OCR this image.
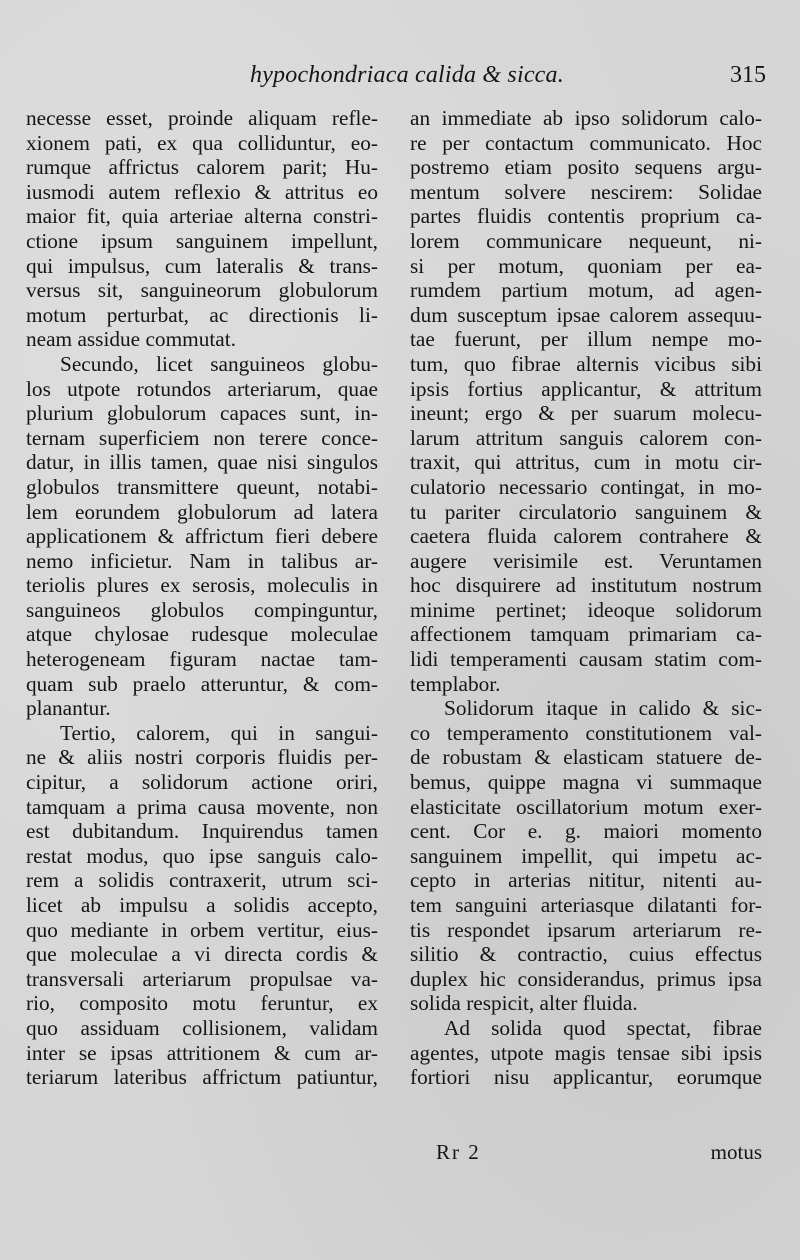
hypochondriaca calida & sicca.	315
necesse esset, proinde aliquam refle-
xionem pati, ex qua colliduntur, eo-
rumque affrictus calorem parit; Hu-
iusmodi autem reflexio & attritus eo
maior fit, quia arteriae alterna constri-
ctione ipsum sanguinem impellunt,
qui impulsus, cum lateralis & trans-
versus sit, sanguineorum globulorum
motum perturbat, ac directionis li-
neam assidue commutat.
Secundo, licet sanguineos globu-
los utpote rotundos arteriarum, quae
plurium globulorum capaces sunt, in-
ternam superficiem non terere conce-
datur, in illis tamen, quae nisi singulos
globulos transmittere queunt, notabi-
lem eorundem globulorum ad latera
applicationem & affrictum fieri debere
nemo inficietur. Nam in talibus ar-
teriolis plures ex serosis, moleculis in
sanguineos globulos compinguntur,
atque chylosae rudesque moleculae
heterogeneam figuram nactae tam-
quam sub praelo atteruntur, & com-
planantur.
Tertio, calorem, qui in sangui-
ne & aliis nostri corporis fluidis per-
cipitur, a solidorum actione oriri,
tamquam a prima causa movente, non
est dubitandum. Inquirendus tamen
restat modus, quo ipse sanguis calo-
rem a solidis contraxerit, utrum sci-
licet ab impulsu a solidis accepto,
quo mediante in orbem vertitur, eius-
que moleculae a vi directa cordis &
transversali arteriarum propulsae va-
rio, composito motu feruntur, ex
quo assiduam collisionem, validam
inter se ipsas attritionem & cum ar-
teriarum lateribus affrictum patiuntur,
an immediate ab ipso solidorum calo-
re per contactum communicato. Hoc
postremo etiam posito sequens argu-
mentum solvere nescirem: Solidae
partes fluidis contentis proprium ca-
lorem communicare nequeunt, ni-
si per motum, quoniam per ea-
rumdem partium motum, ad agen-
dum susceptum ipsae calorem assequu-
tae fuerunt, per illum nempe mo-
tum, quo fibrae alternis vicibus sibi
ipsis fortius applicantur, & attritum
ineunt; ergo & per suarum molecu-
larum attritum sanguis calorem con-
traxit, qui attritus, cum in motu cir-
culatorio necessario contingat, in mo-
tu pariter circulatorio sanguinem &
caetera fluida calorem contrahere &
augere verisimile est. Veruntamen
hoc disquirere ad institutum nostrum
minime pertinet; ideoque solidorum
affectionem tamquam primariam ca-
lidi temperamenti causam statim com-
templabor.
Solidorum itaque in calido & sic-
co temperamento constitutionem val-
de robustam & elasticam statuere de-
bemus, quippe magna vi summaque
elasticitate oscillatorium motum exer-
cent. Cor e. g. maiori momento
sanguinem impellit, qui impetu ac-
cepto in arterias nititur, nitenti au-
tem sanguini arteriasque dilatanti for-
tis respondet ipsarum arteriarum re-
silitio & contractio, cuius effectus
duplex hic considerandus, primus ipsa
solida respicit, alter fluida.
Ad solida quod spectat, fibrae
agentes, utpote magis tensae sibi ipsis
fortiori nisu applicantur, eorumque
Rr 2	motus
